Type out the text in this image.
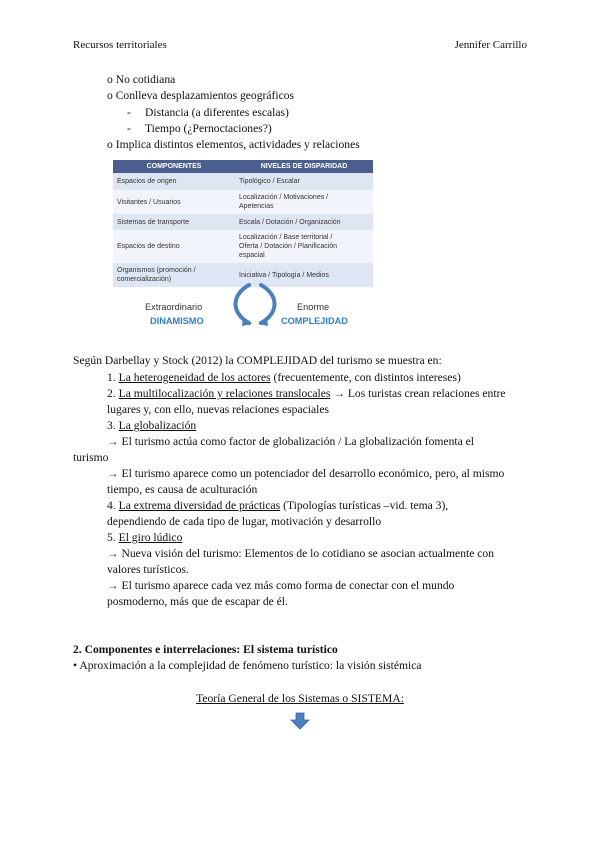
Recursos territoriales	Jennifer Carrillo
o No cotidiana
o Conlleva desplazamientos geográficos
- Distancia (a diferentes escalas)
- Tiempo (¿Pernoctaciones?)
o Implica distintos elementos, actividades y relaciones
COMPONENTES	NIVELES DE DISPARIDAD
Espacios de origen	Tipológico / Escalar
Visitantes / Usuarios	Localización / Motivaciones /
Apetencias
Sistemas de transporte	Escala / Dotación / Organización
Espacios de destino	Localización / Base territorial /
Oferta / Dotación / Planificación
espacial
Organismos (promoción / comercialización)	Iniciativa / Tipología / Medios
Extraordinario
DINAMISMO
Enorme
COMPLEJIDAD
Según Darbellay y Stock (2012) la COMPLEJIDAD del turismo se muestra en:
1. La heterogeneidad de los actores (frecuentemente, con distintos intereses)
2. La multilocalización y relaciones translocales → Los turistas crean relaciones entre
lugares y, con ello, nuevas relaciones espaciales
3. La globalización
→ El turismo actúa como factor de globalización / La globalización fomenta el
turismo
→ El turismo aparece como un potenciador del desarrollo económico, pero, al mismo
tiempo, es causa de aculturación
4. La extrema diversidad de prácticas (Tipologías turísticas –vid. tema 3),
dependiendo de cada tipo de lugar, motivación y desarrollo
5. El giro lúdico
→ Nueva visión del turismo: Elementos de lo cotidiano se asocian actualmente con
valores turísticos.
→ El turismo aparece cada vez más como forma de conectar con el mundo
posmoderno, más que de escapar de él.
2. Componentes e interrelaciones: El sistema turístico
• Aproximación a la complejidad de fenómeno turístico: la visión sistémica
Teoría General de los Sistemas o SISTEMA:
